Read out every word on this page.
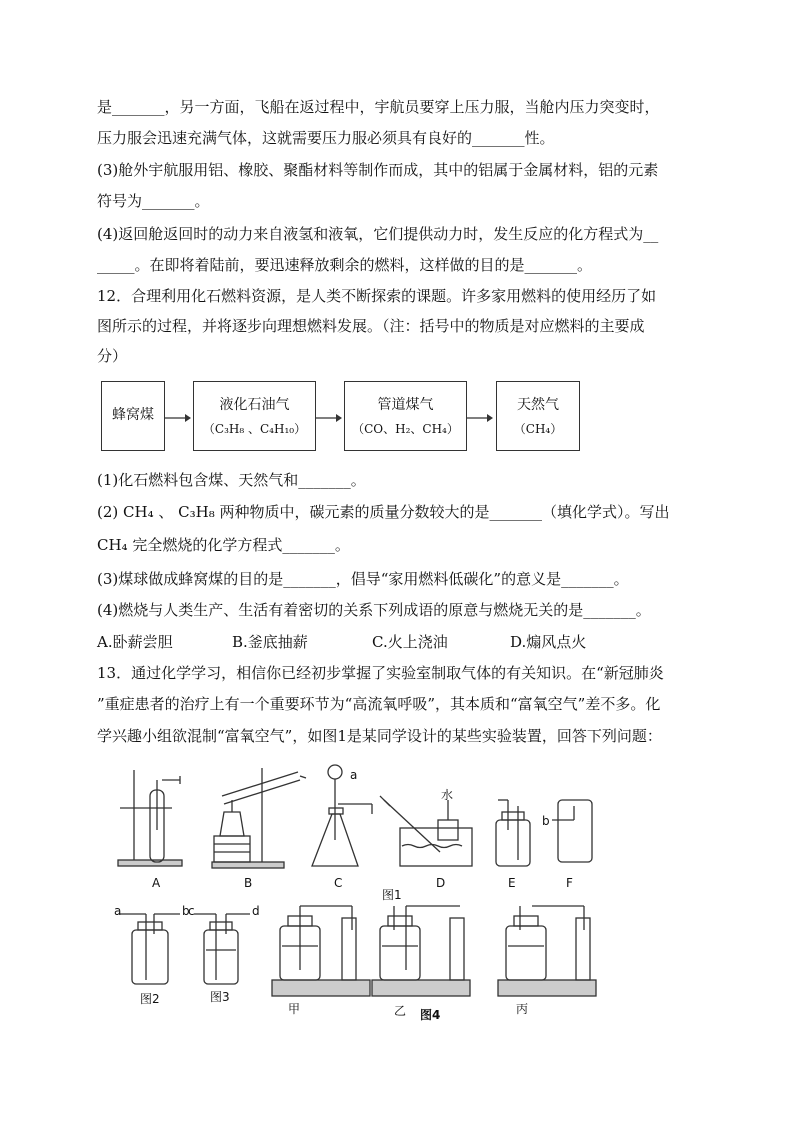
是_______，另一方面，飞船在返过程中，宇航员要穿上压力服，当舱内压力突变时，
压力服会迅速充满气体，这就需要压力服必须具有良好的_______性。
(3)舱外宇航服用铝、橡胶、聚酯材料等制作而成，其中的铝属于金属材料，铝的元素
符号为_______。
(4)返回舱返回时的动力来自液氢和液氧，它们提供动力时，发生反应的化方程式为__
_____。在即将着陆前，要迅速释放剩余的燃料，这样做的目的是_______。
12．合理利用化石燃料资源，是人类不断探索的课题。许多家用燃料的使用经历了如
图所示的过程，并将逐步向理想燃料发展。（注：括号中的物质是对应燃料的主要成
分）
蜂窝煤
液化石油气
（C₃H₈ 、C₄H₁₀）
管道煤气
（CO、H₂、CH₄）
天然气
（CH₄）
(1)化石燃料包含煤、天然气和_______。
(2) CH₄ 、 C₃H₈ 两种物质中，碳元素的质量分数较大的是_______（填化学式）。写出
CH₄ 完全燃烧的化学方程式_______。
(3)煤球做成蜂窝煤的目的是_______，倡导“家用燃料低碳化”的意义是_______。
(4)燃烧与人类生产、生活有着密切的关系下列成语的原意与燃烧无关的是_______。
A.卧薪尝胆	B.釜底抽薪	C.火上浇油	D.煽风点火
13．通过化学学习，相信你已经初步掌握了实验室制取气体的有关知识。在“新冠肺炎
”重症患者的治疗上有一个重要环节为“高流氧呼吸”，其本质和“富氧空气”差不多。化
学兴趣小组欲混制“富氧空气”，如图1是某同学设计的某些实验装置，回答下列问题：
A	B	C	D	E	F
a
水
b
图1
a	b
c	d
图2	图3
甲	乙	丙
图4
